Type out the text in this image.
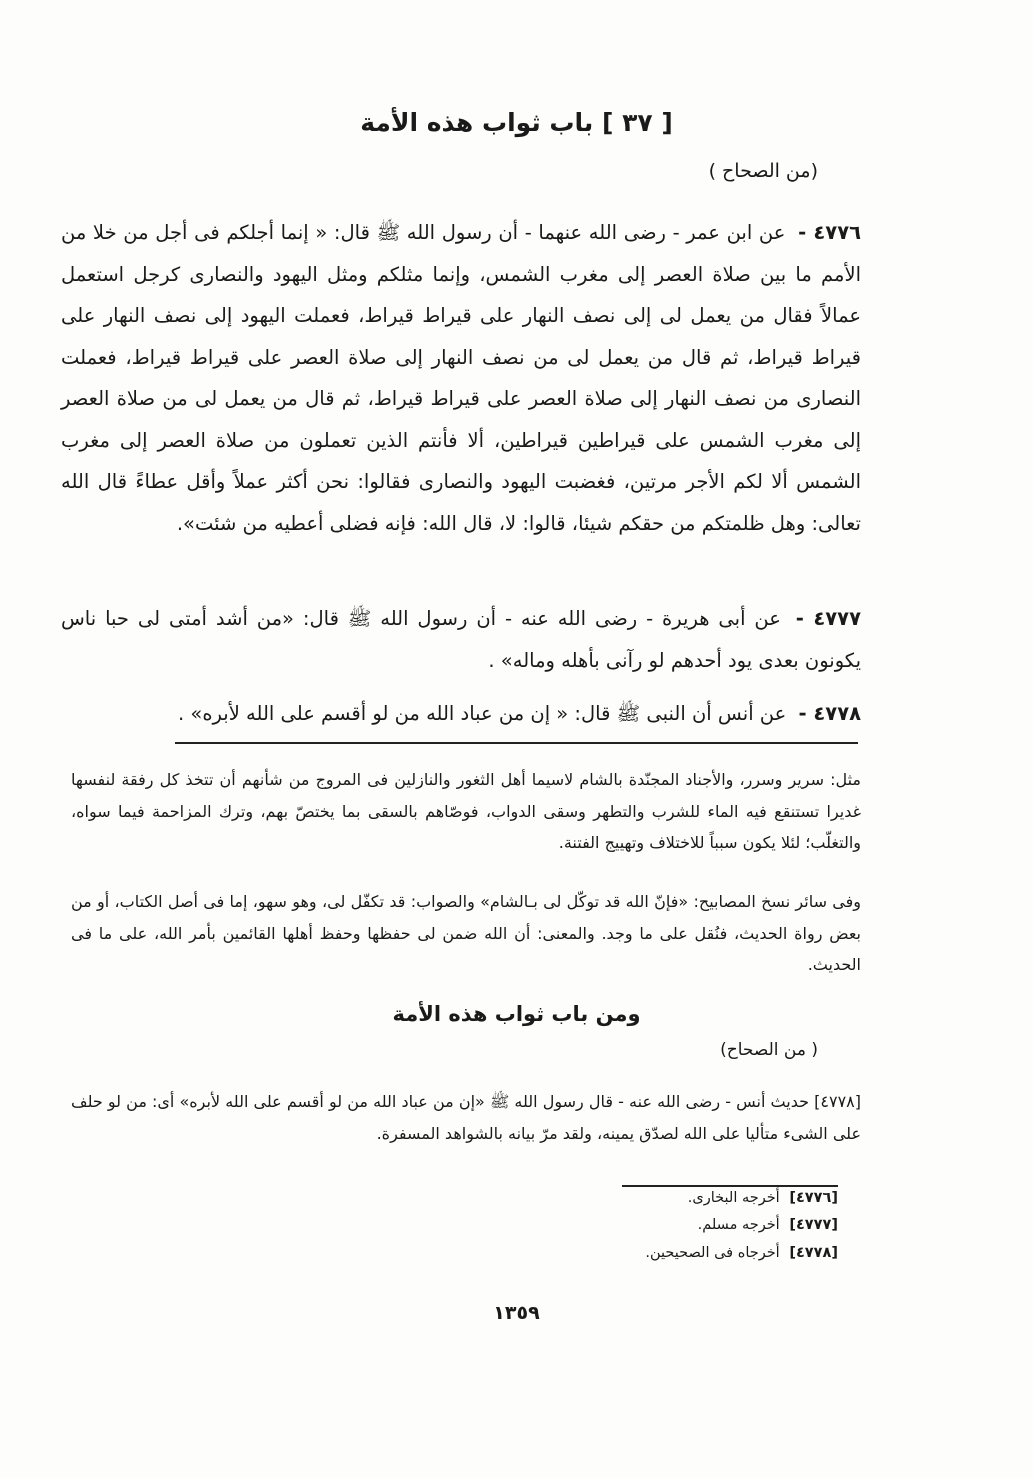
[ ٣٧ ] باب ثواب هذه الأمة
(من الصحاح )
٤٧٧٦ - عن ابن عمر - رضى الله عنهما - أن رسول الله ﷺ قال: « إنما أجلكم فى أجل من خلا من الأمم ما بين صلاة العصر إلى مغرب الشمس، وإنما مثلكم ومثل اليهود والنصارى كرجل استعمل عمالاً فقال من يعمل لى إلى نصف النهار على قيراط قيراط، فعملت اليهود إلى نصف النهار على قيراط قيراط، ثم قال من يعمل لى من نصف النهار إلى صلاة العصر على قيراط قيراط، فعملت النصارى من نصف النهار إلى صلاة العصر على قيراط قيراط، ثم قال من يعمل لى من صلاة العصر إلى مغرب الشمس على قيراطين قيراطين، ألا فأنتم الذين تعملون من صلاة العصر إلى مغرب الشمس ألا لكم الأجر مرتين، فغضبت اليهود والنصارى فقالوا: نحن أكثر عملاً وأقل عطاءً قال الله تعالى: وهل ظلمتكم من حقكم شيئا، قالوا: لا، قال الله: فإنه فضلى أعطيه من شئت».
٤٧٧٧ - عن أبى هريرة - رضى الله عنه - أن رسول الله ﷺ قال: «من أشد أمتى لى حبا ناس يكونون بعدى يود أحدهم لو رآنى بأهله وماله» .
٤٧٧٨ - عن أنس أن النبى ﷺ قال: « إن من عباد الله من لو أقسم على الله لأبره» .
مثل: سرير وسرر، والأجناد المجنّدة بالشام لاسيما أهل الثغور والنازلين فى المروج من شأنهم أن تتخذ كل رفقة لنفسها غديرا تستنقع فيه الماء للشرب والتطهر وسقى الدواب، فوصّاهم بالسقى بما يختصّ بهم، وترك المزاحمة فيما سواه، والتغلّب؛ لئلا يكون سبباً للاختلاف وتهييج الفتنة.
وفى سائر نسخ المصابيح: «فإنّ الله قد توكّل لى بـالشام» والصواب: قد تكفّل لى، وهو سهو، إما فى أصل الكتاب، أو من بعض رواة الحديث، فنُقل على ما وجد. والمعنى: أن الله ضمن لى حفظها وحفظ أهلها القائمين بأمر الله، على ما فى الحديث.
ومن باب ثواب هذه الأمة
( من الصحاح)
[٤٧٧٨] حديث أنس - رضى الله عنه - قال رسول الله ﷺ «إن من عباد الله من لو أقسم على الله لأبره» أى: من لو حلف على الشىء متأليا على الله لصدّق يمينه، ولقد مرّ بيانه بالشواهد المسفرة.
[٤٧٧٦] أخرجه البخارى.
[٤٧٧٧] أخرجه مسلم.
[٤٧٧٨] أخرجاه فى الصحيحين.
١٣٥٩
